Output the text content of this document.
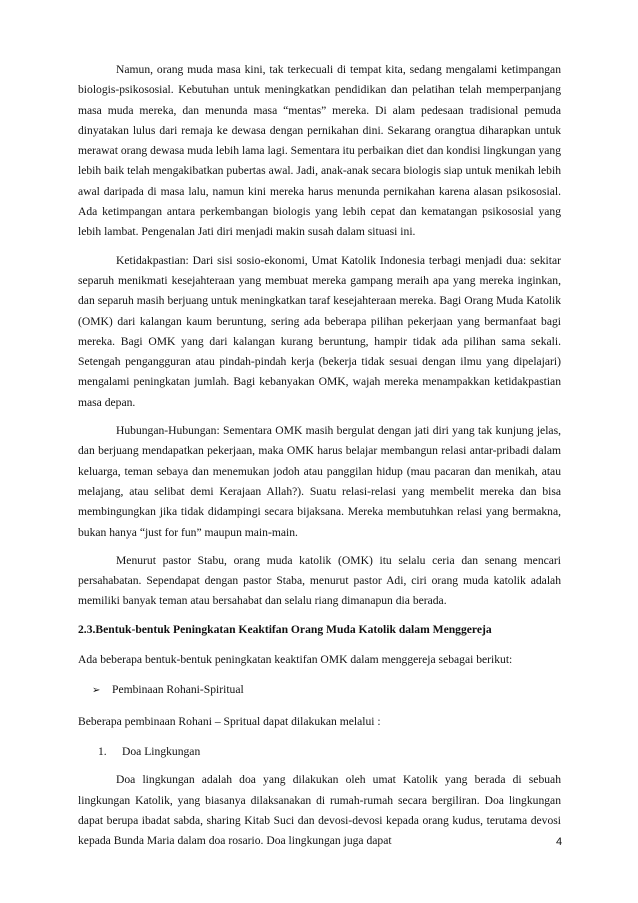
Namun, orang muda masa kini, tak terkecuali di tempat kita, sedang mengalami ketimpangan biologis-psikososial. Kebutuhan untuk meningkatkan pendidikan dan pelatihan telah memperpanjang masa muda mereka, dan menunda masa “mentas” mereka. Di alam pedesaan tradisional pemuda dinyatakan lulus dari remaja ke dewasa dengan pernikahan dini. Sekarang orangtua diharapkan untuk merawat orang dewasa muda lebih lama lagi. Sementara itu perbaikan diet dan kondisi lingkungan yang lebih baik telah mengakibatkan pubertas awal. Jadi, anak-anak secara biologis siap untuk menikah lebih awal daripada di masa lalu, namun kini mereka harus menunda pernikahan karena alasan psikososial. Ada ketimpangan antara perkembangan biologis yang lebih cepat dan kematangan psikososial yang lebih lambat. Pengenalan Jati diri menjadi makin susah dalam situasi ini.

Ketidakpastian: Dari sisi sosio-ekonomi, Umat Katolik Indonesia terbagi menjadi dua: sekitar separuh menikmati kesejahteraan yang membuat mereka gampang meraih apa yang mereka inginkan, dan separuh masih berjuang untuk meningkatkan taraf kesejahteraan mereka. Bagi Orang Muda Katolik (OMK) dari kalangan kaum beruntung, sering ada beberapa pilihan pekerjaan yang bermanfaat bagi mereka. Bagi OMK yang dari kalangan kurang beruntung, hampir tidak ada pilihan sama sekali. Setengah pengangguran atau pindah-pindah kerja (bekerja tidak sesuai dengan ilmu yang dipelajari) mengalami peningkatan jumlah. Bagi kebanyakan OMK, wajah mereka menampakkan ketidakpastian masa depan.

Hubungan-Hubungan: Sementara OMK masih bergulat dengan jati diri yang tak kunjung jelas, dan berjuang mendapatkan pekerjaan, maka OMK harus belajar membangun relasi antar-pribadi dalam keluarga, teman sebaya dan menemukan jodoh atau panggilan hidup (mau pacaran dan menikah, atau melajang, atau selibat demi Kerajaan Allah?). Suatu relasi-relasi yang membelit mereka dan bisa membingungkan jika tidak didampingi secara bijaksana. Mereka membutuhkan relasi yang bermakna, bukan hanya “just for fun” maupun main-main.

Menurut pastor Stabu, orang muda katolik (OMK) itu selalu ceria dan senang mencari persahabatan. Sependapat dengan pastor Staba, menurut pastor Adi, ciri orang muda katolik adalah memiliki banyak teman atau bersahabat dan selalu riang dimanapun dia berada.

2.3.Bentuk-bentuk Peningkatan Keaktifan Orang Muda Katolik dalam Menggereja

Ada beberapa bentuk-bentuk peningkatan keaktifan OMK dalam menggereja sebagai berikut:

➢	Pembinaan Rohani-Spiritual

Beberapa pembinaan Rohani – Spritual dapat dilakukan melalui :

1.	Doa Lingkungan

Doa lingkungan adalah doa yang dilakukan oleh umat Katolik yang berada di sebuah lingkungan Katolik, yang biasanya dilaksanakan di rumah-rumah secara bergiliran. Doa lingkungan dapat berupa ibadat sabda, sharing Kitab Suci dan devosi-devosi kepada orang kudus, terutama devosi kepada Bunda Maria dalam doa rosario. Doa lingkungan juga dapat	4
